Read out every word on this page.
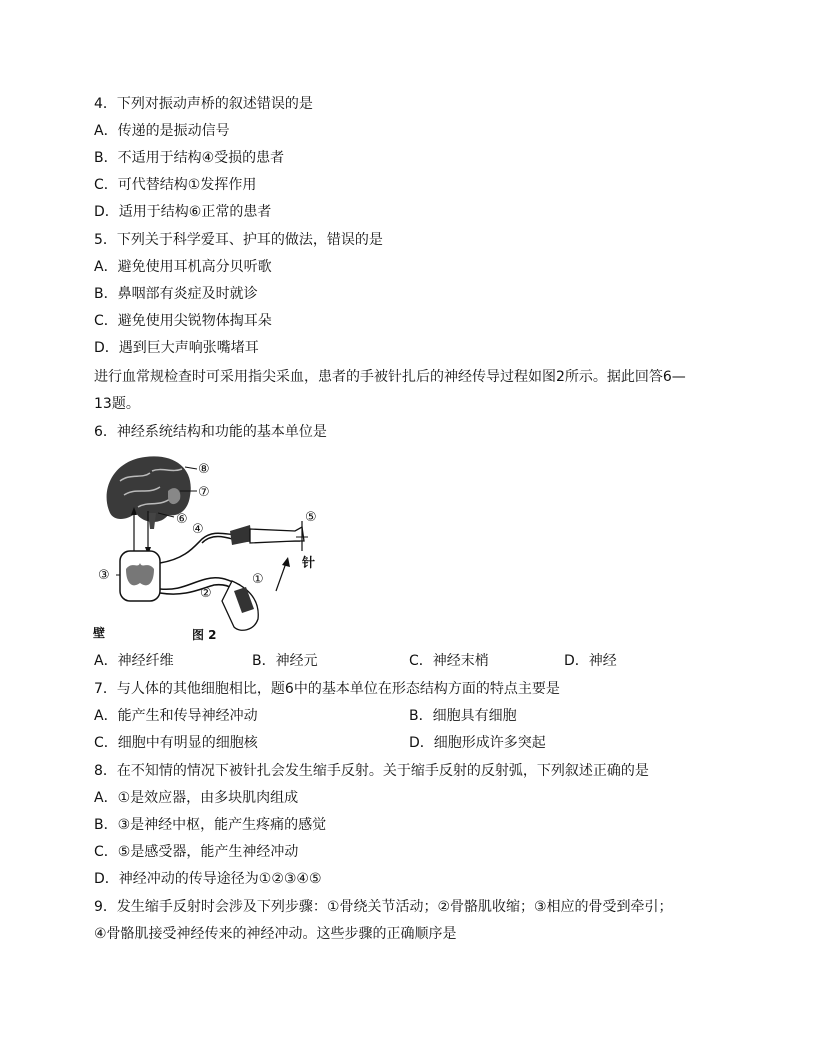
4．下列对振动声桥的叙述错误的是
A．传递的是振动信号
B．不适用于结构④受损的患者
C．可代替结构①发挥作用
D．适用于结构⑥正常的患者
5．下列关于科学爱耳、护耳的做法，错误的是
A．避免使用耳机高分贝听歌
B．鼻咽部有炎症及时就诊
C．避免使用尖锐物体掏耳朵
D．遇到巨大声响张嘴堵耳
进行血常规检查时可采用指尖采血，患者的手被针扎后的神经传导过程如图2所示。据此回答6—
13题。
6．神经系统结构和功能的基本单位是
⑧
⑦
⑥
④
⑤
③	①
②
针
壁	图 2
A．神经纤维	B．神经元	C．神经末梢	D．神经
7．与人体的其他细胞相比，题6中的基本单位在形态结构方面的特点主要是
A．能产生和传导神经冲动	B．细胞具有细胞
C．细胞中有明显的细胞核	D．细胞形成许多突起
8．在不知情的情况下被针扎会发生缩手反射。关于缩手反射的反射弧，下列叙述正确的是
A．①是效应器，由多块肌肉组成
B．③是神经中枢，能产生疼痛的感觉
C．⑤是感受器，能产生神经冲动
D．神经冲动的传导途径为①②③④⑤
9．发生缩手反射时会涉及下列步骤：①骨绕关节活动；②骨骼肌收缩；③相应的骨受到牵引；
④骨骼肌接受神经传来的神经冲动。这些步骤的正确顺序是
